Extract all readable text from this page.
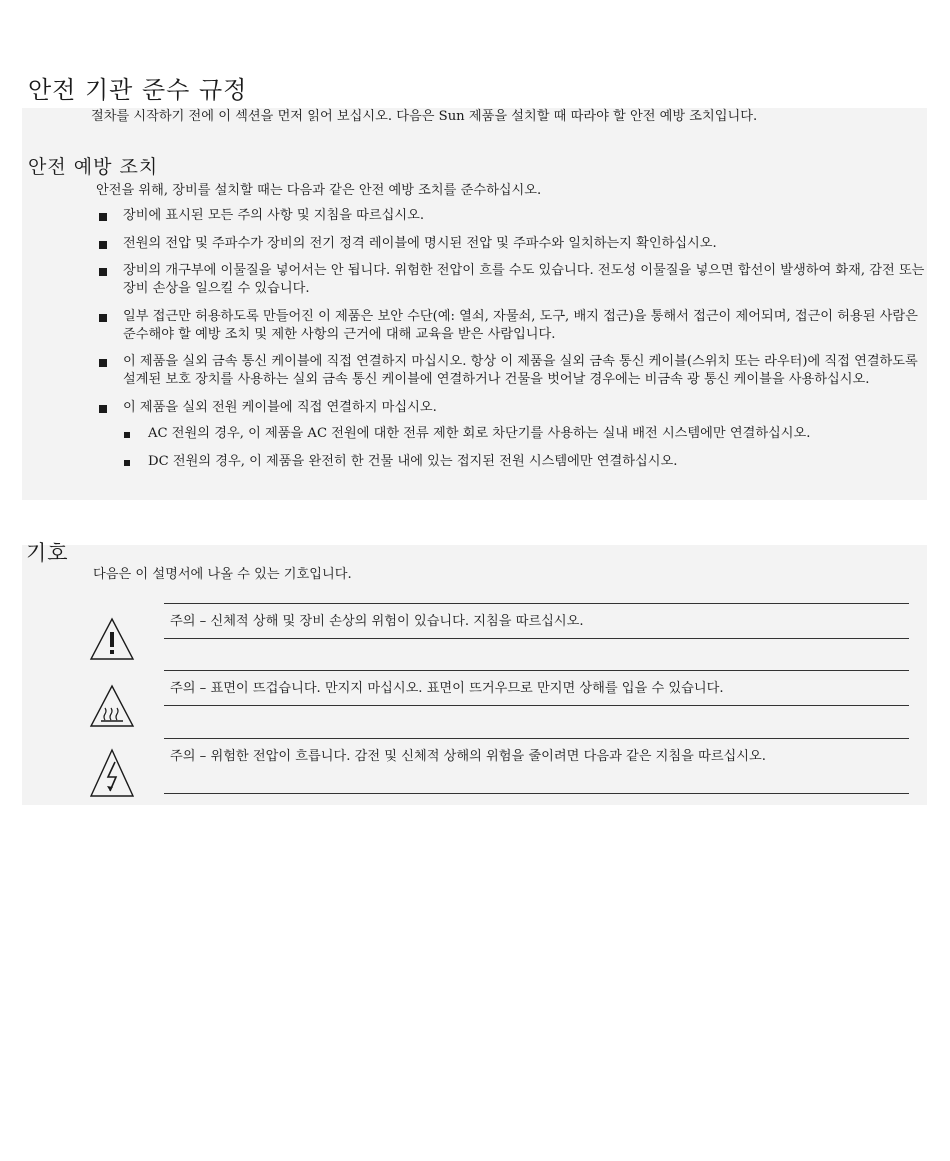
안전 기관 준수 규정

절차를 시작하기 전에 이 섹션을 먼저 읽어 보십시오. 다음은 Sun 제품을 설치할 때 따라야 할 안전 예방 조치입니다.

안전 예방 조치

안전을 위해, 장비를 설치할 때는 다음과 같은 안전 예방 조치를 준수하십시오.

장비에 표시된 모든 주의 사항 및 지침을 따르십시오.
전원의 전압 및 주파수가 장비의 전기 정격 레이블에 명시된 전압 및 주파수와 일치하는지 확인하십시오.
장비의 개구부에 이물질을 넣어서는 안 됩니다. 위험한 전압이 흐를 수도 있습니다. 전도성 이물질을 넣으면 합선이 발생하여 화재, 감전 또는 장비 손상을 일으킬 수 있습니다.
일부 접근만 허용하도록 만들어진 이 제품은 보안 수단(예: 열쇠, 자물쇠, 도구, 배지 접근)을 통해서 접근이 제어되며, 접근이 허용된 사람은 준수해야 할 예방 조치 및 제한 사항의 근거에 대해 교육을 받은 사람입니다.
이 제품을 실외 금속 통신 케이블에 직접 연결하지 마십시오. 항상 이 제품을 실외 금속 통신 케이블(스위치 또는 라우터)에 직접 연결하도록 설계된 보호 장치를 사용하는 실외 금속 통신 케이블에 연결하거나 건물을 벗어날 경우에는 비금속 광 통신 케이블을 사용하십시오.
이 제품을 실외 전원 케이블에 직접 연결하지 마십시오.
AC 전원의 경우, 이 제품을 AC 전원에 대한 전류 제한 회로 차단기를 사용하는 실내 배전 시스템에만 연결하십시오.
DC 전원의 경우, 이 제품을 완전히 한 건물 내에 있는 접지된 전원 시스템에만 연결하십시오.
기호

다음은 이 설명서에 나올 수 있는 기호입니다.

주의 – 신체적 상해 및 장비 손상의 위험이 있습니다. 지침을 따르십시오.
주의 – 표면이 뜨겁습니다. 만지지 마십시오. 표면이 뜨거우므로 만지면 상해를 입을 수 있습니다.
주의 – 위험한 전압이 흐릅니다. 감전 및 신체적 상해의 위험을 줄이려면 다음과 같은 지침을 따르십시오.
